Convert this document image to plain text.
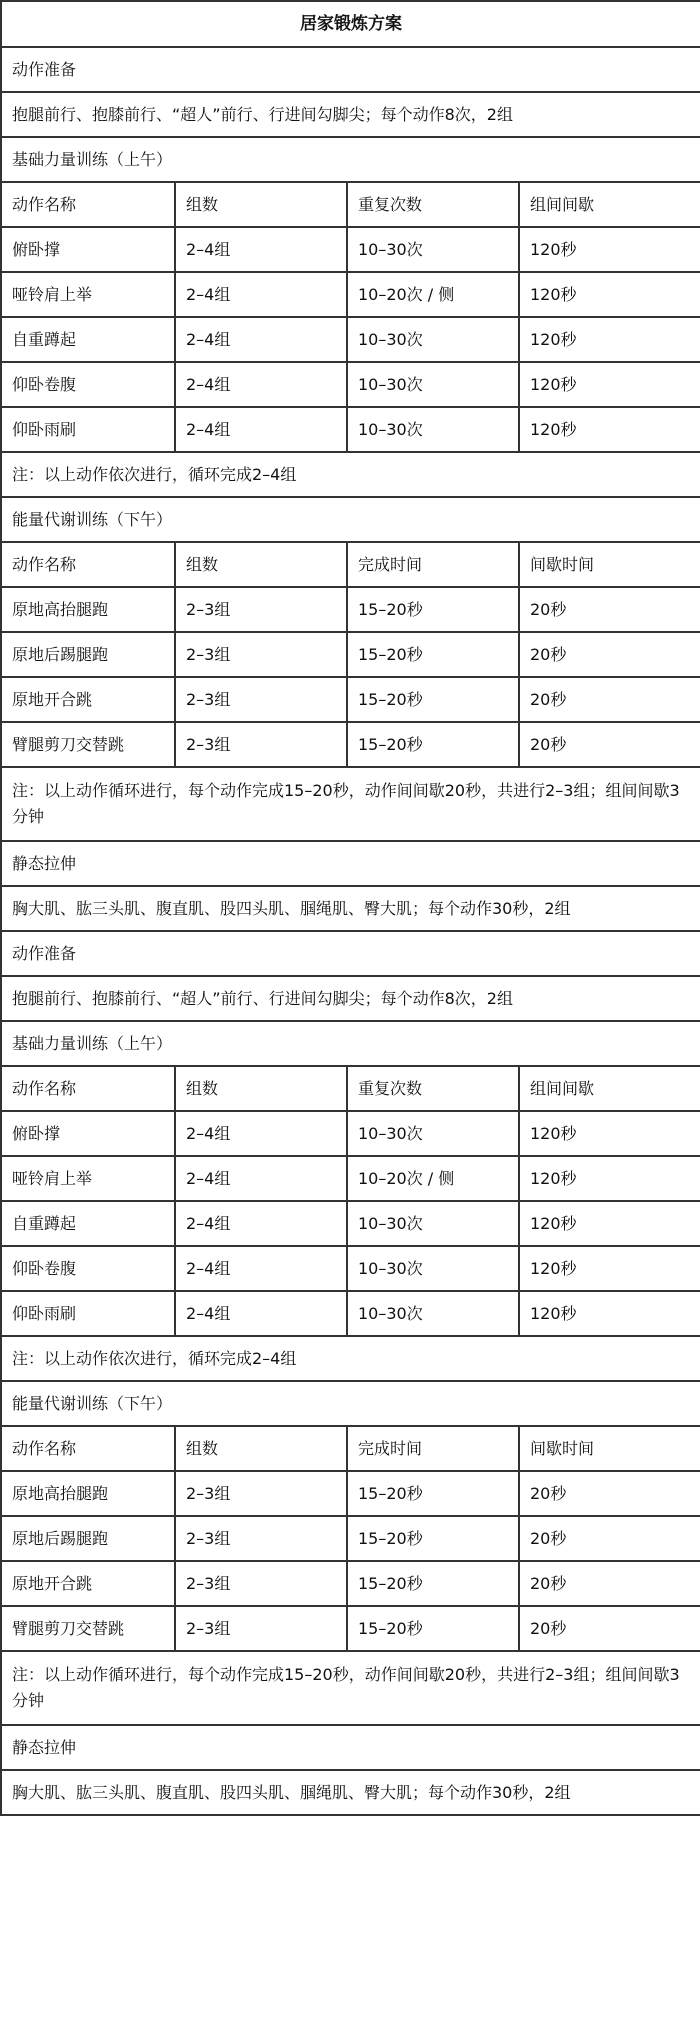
居家锻炼方案			
动作准备			
抱腿前行、抱膝前行、“超人”前行、行进间勾脚尖；每个动作8次，2组			
基础力量训练（上午）			
动作名称	组数	重复次数	组间间歇
俯卧撑	2–4组	10–30次	120秒
哑铃肩上举	2–4组	10–20次 / 侧	120秒
自重蹲起	2–4组	10–30次	120秒
仰卧卷腹	2–4组	10–30次	120秒
仰卧雨刷	2–4组	10–30次	120秒
注：以上动作依次进行，循环完成2–4组			
能量代谢训练（下午）			
动作名称	组数	完成时间	间歇时间
原地高抬腿跑	2–3组	15–20秒	20秒
原地后踢腿跑	2–3组	15–20秒	20秒
原地开合跳	2–3组	15–20秒	20秒
臂腿剪刀交替跳	2–3组	15–20秒	20秒
注：以上动作循环进行，每个动作完成15–20秒，动作间间歇20秒，共进行2–3组；组间间歇3分钟			
静态拉伸			
胸大肌、肱三头肌、腹直肌、股四头肌、腘绳肌、臀大肌；每个动作30秒，2组			
动作准备			
抱腿前行、抱膝前行、“超人”前行、行进间勾脚尖；每个动作8次，2组			
基础力量训练（上午）			
动作名称	组数	重复次数	组间间歇
俯卧撑	2–4组	10–30次	120秒
哑铃肩上举	2–4组	10–20次 / 侧	120秒
自重蹲起	2–4组	10–30次	120秒
仰卧卷腹	2–4组	10–30次	120秒
仰卧雨刷	2–4组	10–30次	120秒
注：以上动作依次进行，循环完成2–4组			
能量代谢训练（下午）			
动作名称	组数	完成时间	间歇时间
原地高抬腿跑	2–3组	15–20秒	20秒
原地后踢腿跑	2–3组	15–20秒	20秒
原地开合跳	2–3组	15–20秒	20秒
臂腿剪刀交替跳	2–3组	15–20秒	20秒
注：以上动作循环进行，每个动作完成15–20秒，动作间间歇20秒，共进行2–3组；组间间歇3分钟			
静态拉伸			
胸大肌、肱三头肌、腹直肌、股四头肌、腘绳肌、臀大肌；每个动作30秒，2组			
